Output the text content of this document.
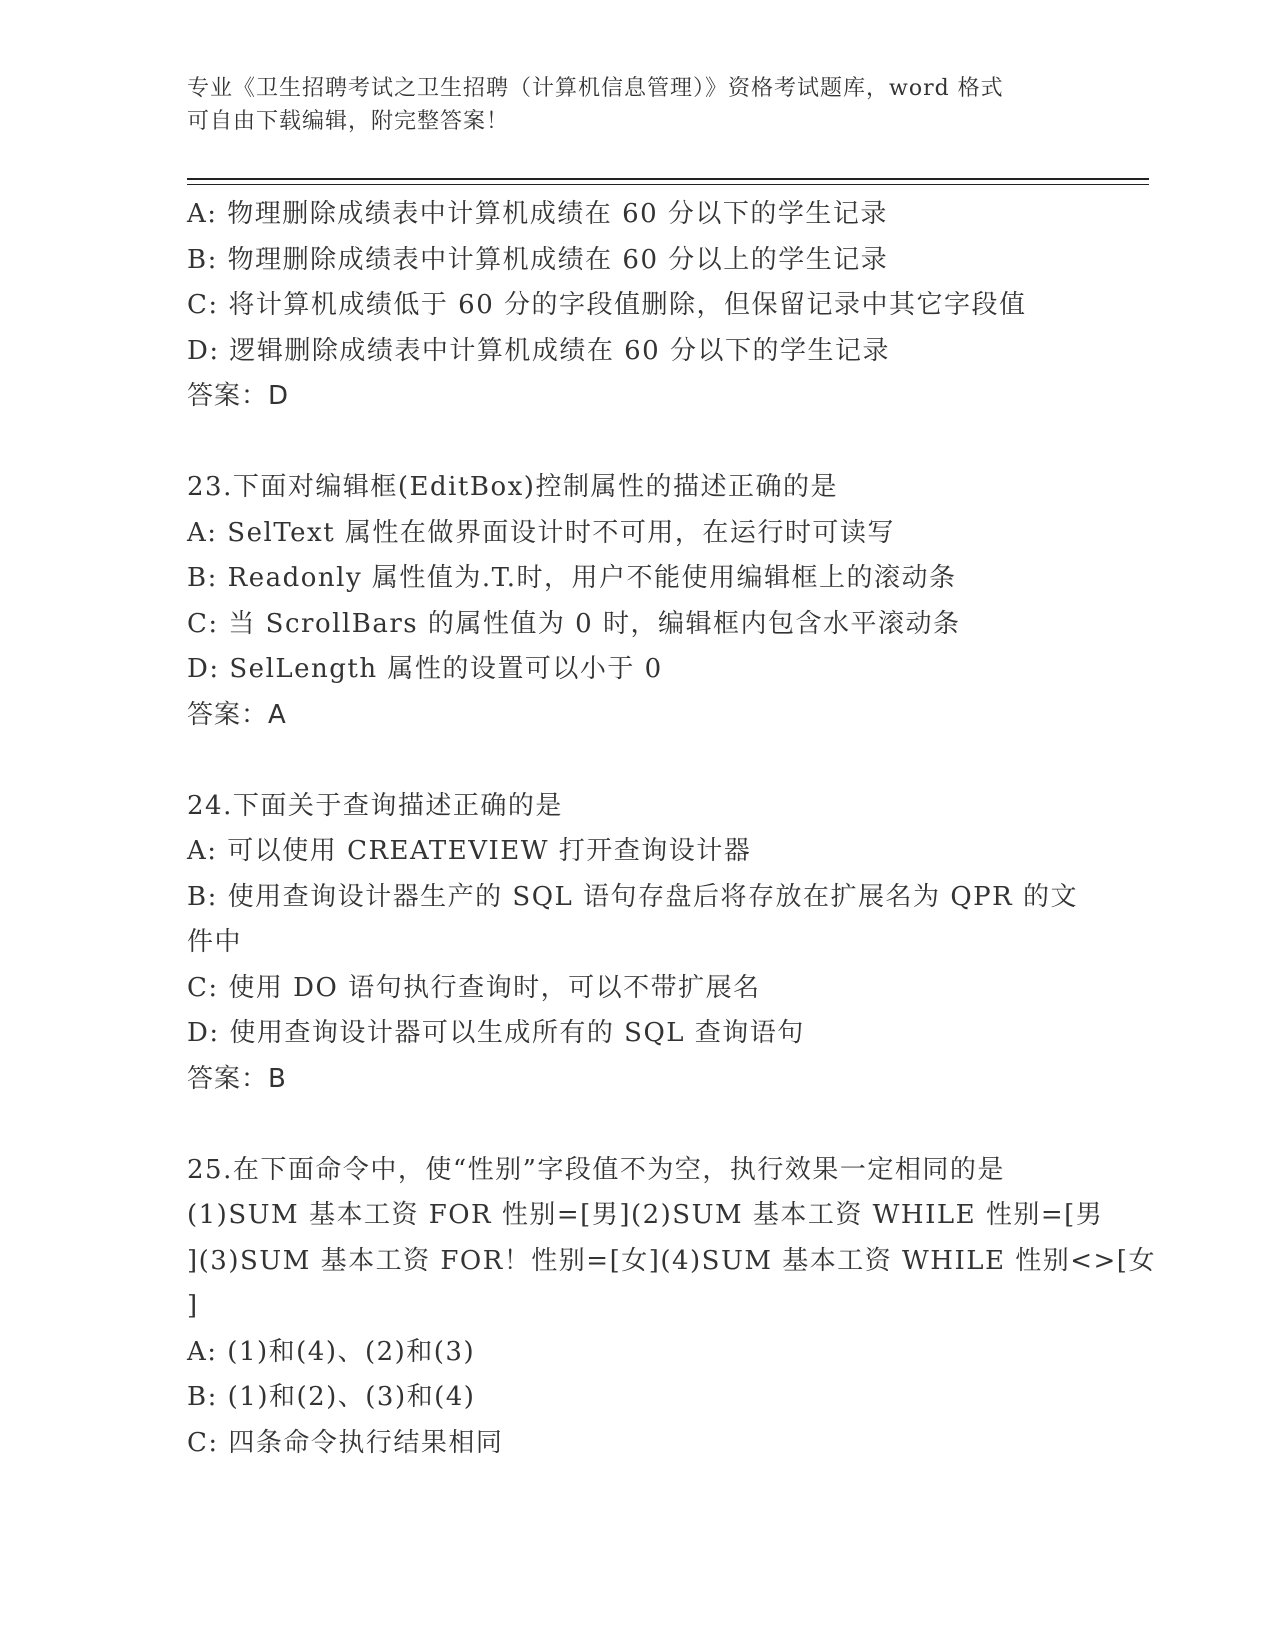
专业《卫生招聘考试之卫生招聘（计算机信息管理）》资格考试题库，word 格式
可自由下载编辑，附完整答案！
A: 物理删除成绩表中计算机成绩在 60 分以下的学生记录
B: 物理删除成绩表中计算机成绩在 60 分以上的学生记录
C: 将计算机成绩低于 60 分的字段值删除，但保留记录中其它字段值
D: 逻辑删除成绩表中计算机成绩在 60 分以下的学生记录
答案：D
23.下面对编辑框(EditBox)控制属性的描述正确的是
A: SelText 属性在做界面设计时不可用，在运行时可读写
B: Readonly 属性值为.T.时，用户不能使用编辑框上的滚动条
C: 当 ScrollBars 的属性值为 0 时，编辑框内包含水平滚动条
D: SelLength 属性的设置可以小于 0
答案：A
24.下面关于查询描述正确的是
A: 可以使用 CREATEVIEW 打开查询设计器
B: 使用查询设计器生产的 SQL 语句存盘后将存放在扩展名为 QPR 的文
件中
C: 使用 DO 语句执行查询时，可以不带扩展名
D: 使用查询设计器可以生成所有的 SQL 查询语句
答案：B
25.在下面命令中，使“性别”字段值不为空，执行效果一定相同的是
(1)SUM 基本工资 FOR 性别=[男](2)SUM 基本工资 WHILE 性别=[男
](3)SUM 基本工资 FOR！性别=[女](4)SUM 基本工资 WHILE 性别<>[女
]
A: (1)和(4)、(2)和(3)
B: (1)和(2)、(3)和(4)
C: 四条命令执行结果相同
